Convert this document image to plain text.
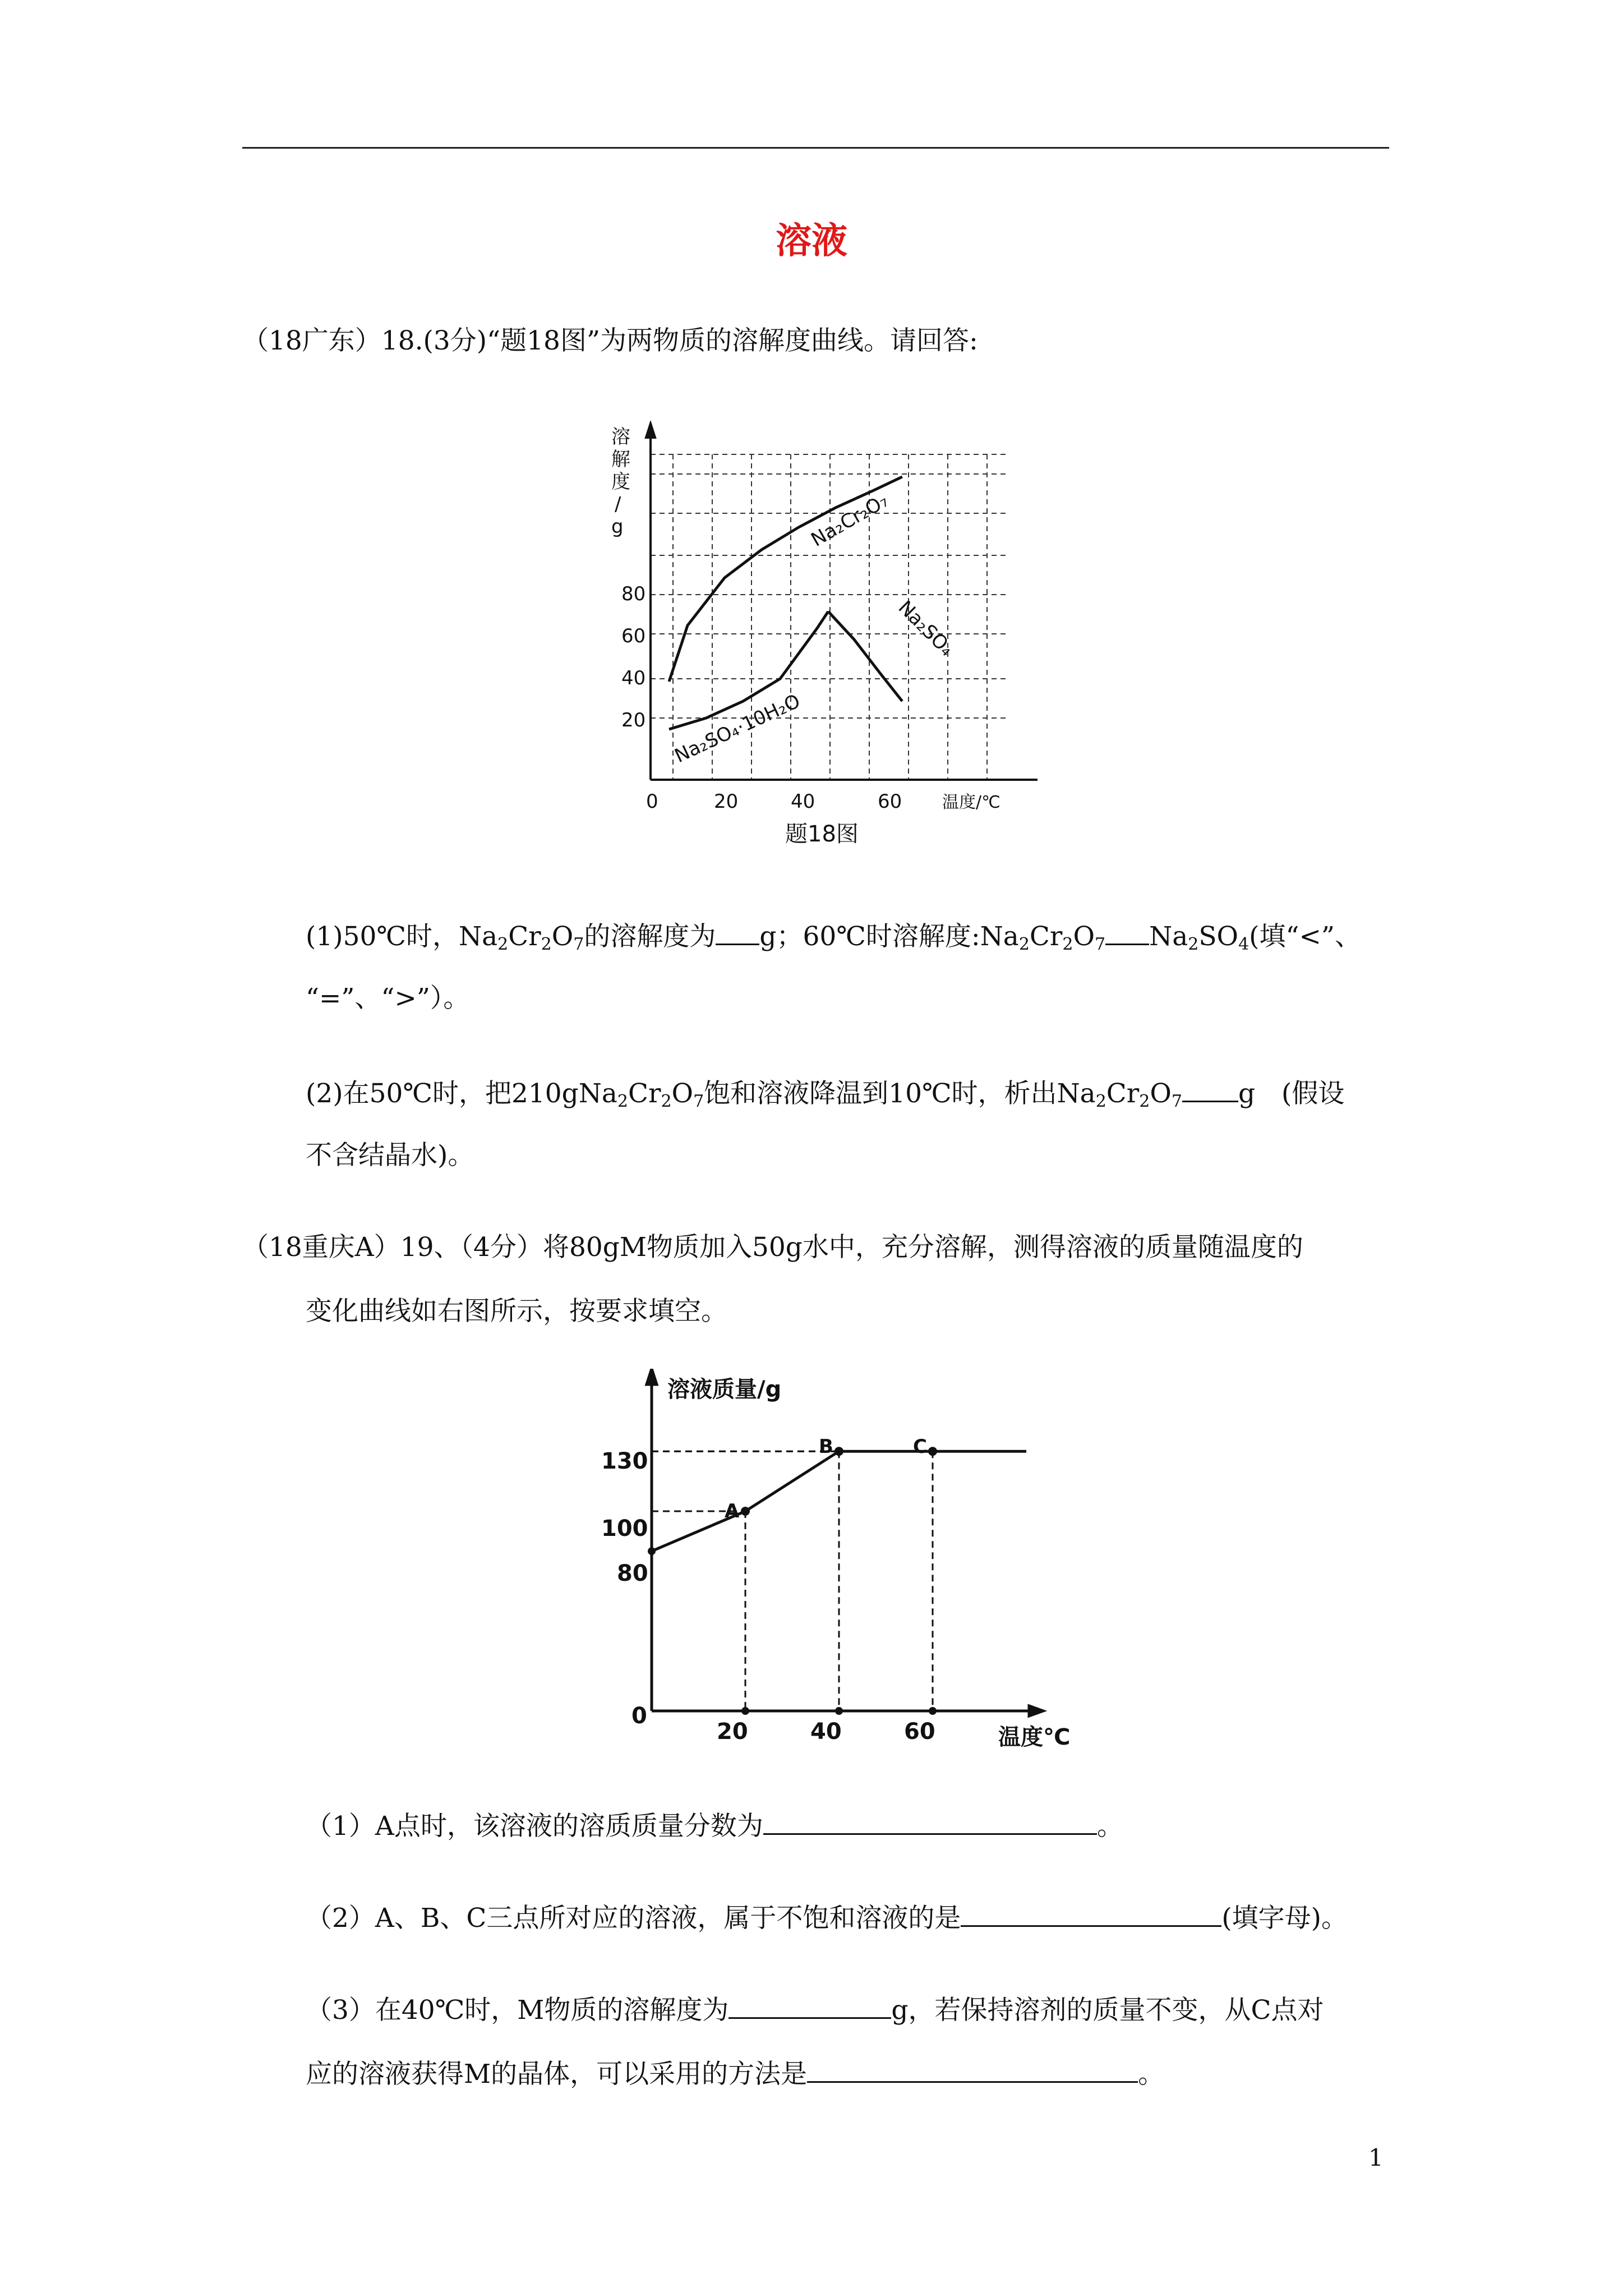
溶液
（18广东）18.(3分)“题18图”为两物质的溶解度曲线。请回答:
溶
解
度
/
g
80
60
40
20
0	20	40	60 温度/℃
题18图
Na₂Cr₂O₇
Na₂SO₄
Na₂SO₄·10H₂O
(1)50℃时，$Na_2Cr_2O_7$的溶解度为 g；60℃时溶解度$:Na_2Cr_2O_7$ $Na_2SO_4$(填“<”、
“=”、“>”）。
(2)在50℃时，把$210gNa_2Cr_2O_7$饱和溶液降温到10℃时，析出$Na_2Cr_2O_7$ g　(假设
不含结晶水)。
（18重庆A）19、（4分）将80gM物质加入50g水中，充分溶解，测得溶液的质量随温度的
变化曲线如右图所示，按要求填空。
溶液质量/g
温度℃
130
100
80
0
20	40	60
A
B	C
（1）A点时，该溶液的溶质质量分数为	。
（2）A、B、C三点所对应的溶液，属于不饱和溶液的是	(填字母)。
（3）在40℃时，M物质的溶解度为	g，若保持溶剂的质量不变，从C点对
应的溶液获得M的晶体，可以采用的方法是	。
1
